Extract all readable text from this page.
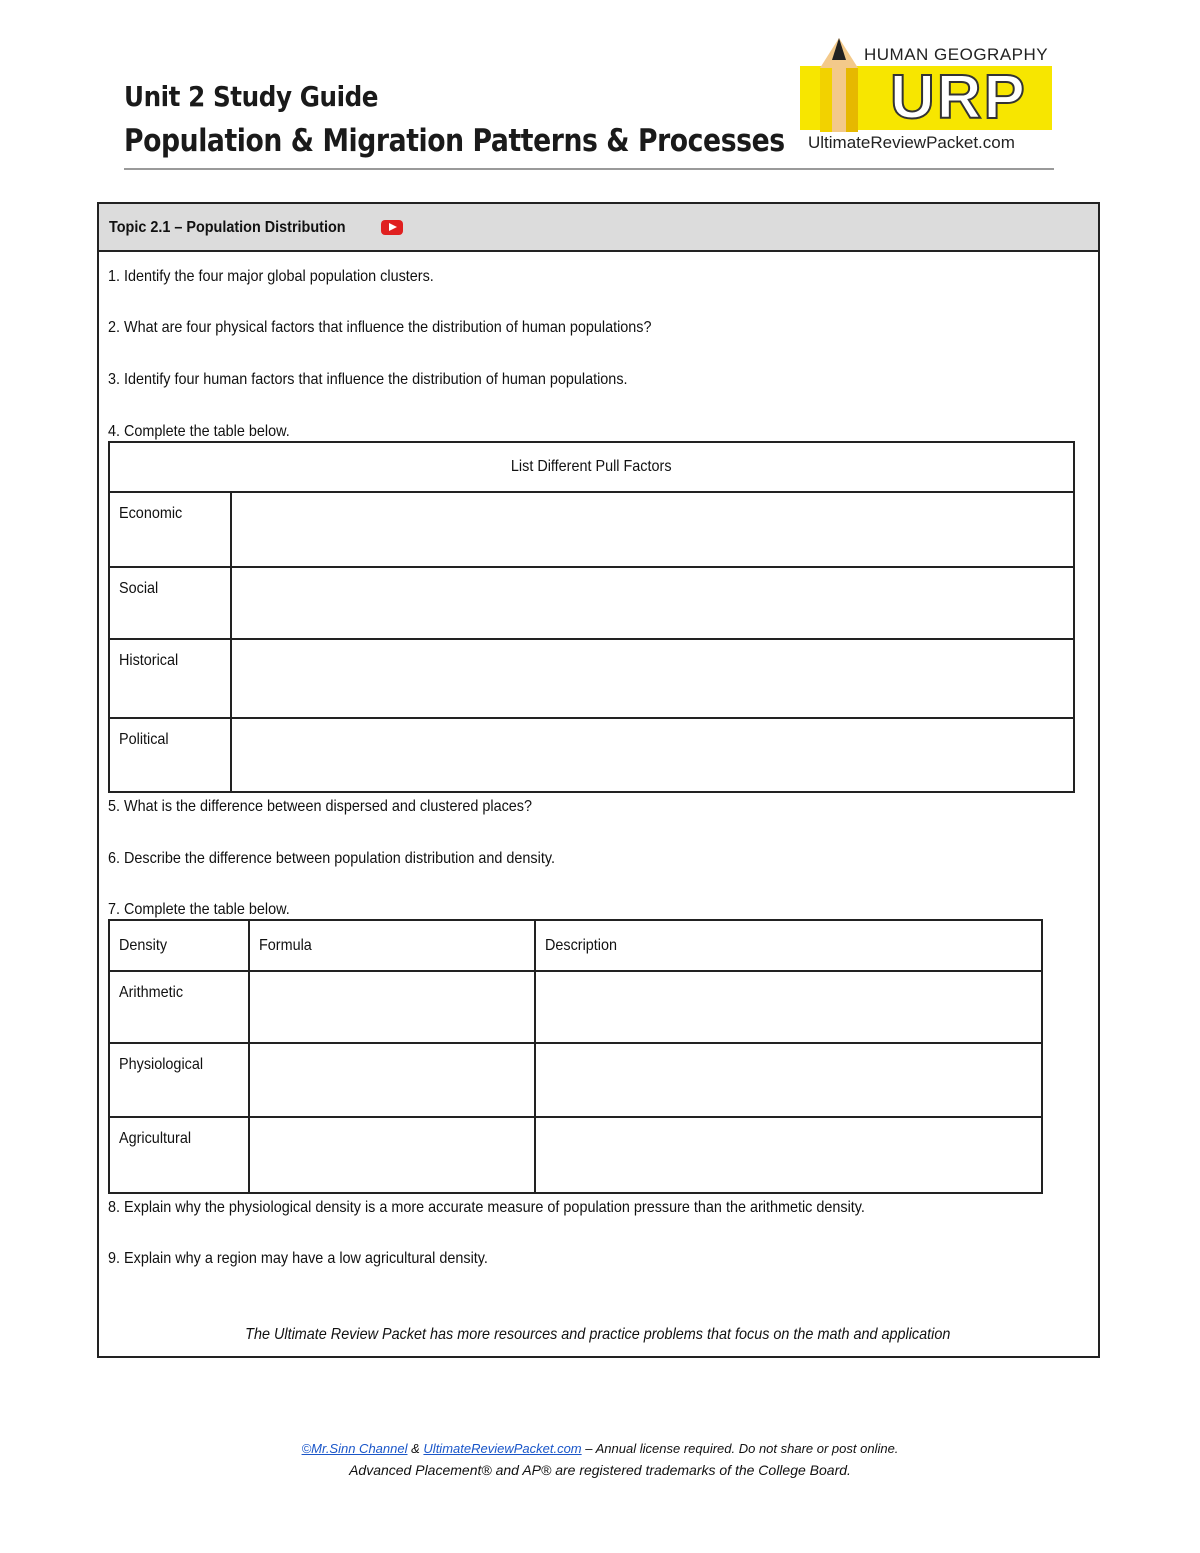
Unit 2 Study Guide
Population & Migration Patterns & Processes
HUMAN GEOGRAPHY
URP
UltimateReviewPacket.com
Topic 2.1 – Population Distribution
1. Identify the four major global population clusters.
2. What are four physical factors that influence the distribution of human populations?
3. Identify four human factors that influence the distribution of human populations.
4. Complete the table below.
List Different Pull Factors	
Economic	
Social	
Historical	
Political	
5. What is the difference between dispersed and clustered places?
6. Describe the difference between population distribution and density.
7. Complete the table below.
Density	Formula	Description
Arithmetic		
Physiological		
Agricultural		
8. Explain why the physiological density is a more accurate measure of population pressure than the arithmetic density.
9. Explain why a region may have a low agricultural density.
The Ultimate Review Packet has more resources and practice problems that focus on the math and application
©Mr.Sinn Channel & UltimateReviewPacket.com – Annual license required. Do not share or post online.
Advanced Placement® and AP® are registered trademarks of the College Board.
